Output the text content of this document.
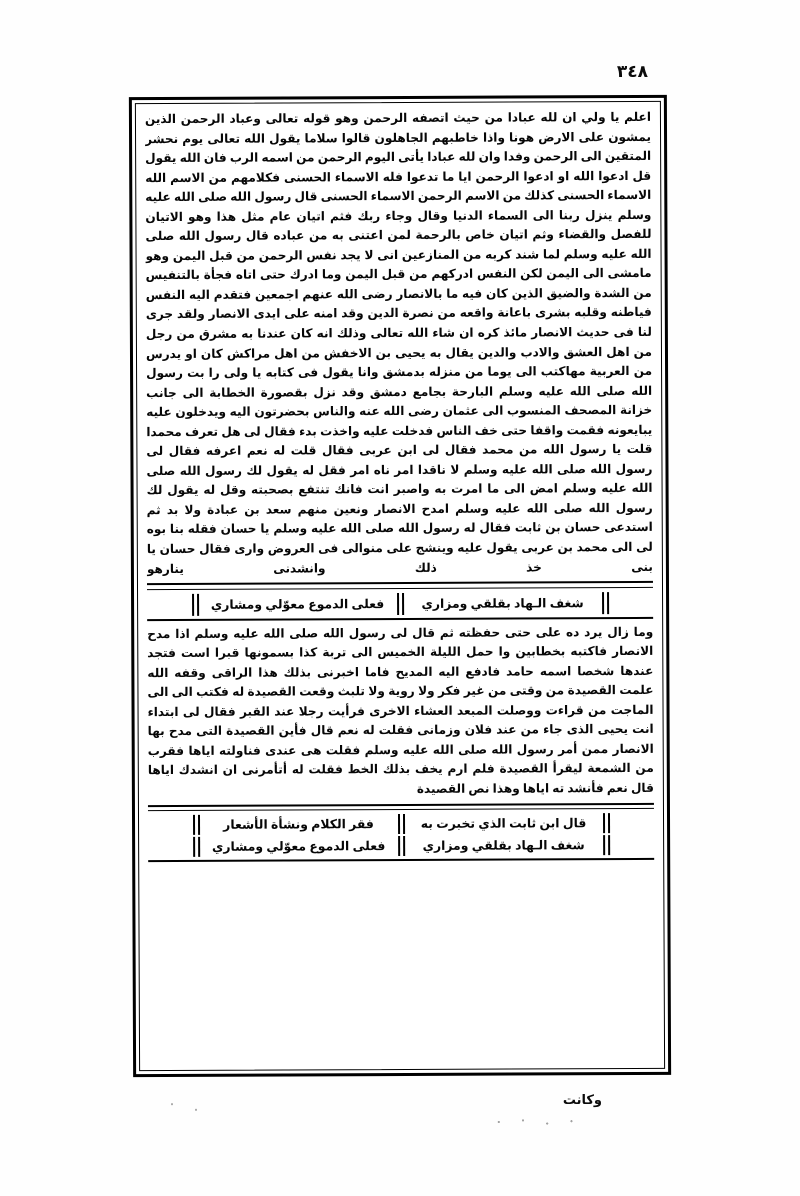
٣٤٨

اعلم يا ولي ان لله عبادا من حيث اتصفه الرحمن وهو قوله تعالى وعباد الرحمن الذين يمشون على الارض هونا واذا خاطبهم الجاهلون قالوا سلاما يقول الله تعالى يوم نحشر المتقين الى الرحمن وفدا وان لله عبادا يأتى اليوم الرحمن من اسمه الرب فان الله يقول قل ادعوا الله او ادعوا الرحمن ايا ما تدعوا فله الاسماء الحسنى فكلامهم من الاسم الله الاسماء الحسنى كذلك من الاسم الرحمن الاسماء الحسنى قال رسول الله صلى الله عليه وسلم ينزل ربنا الى السماء الدنيا وقال وجاء ربك فثم اتيان عام مثل هذا وهو الاتيان للفصل والقضاء وثم اتيان خاص بالرحمة لمن اعتنى به من عباده قال رسول الله صلى الله عليه وسلم لما شند كربه من المنازعين انى لا يجد نفس الرحمن من قبل اليمن وهو مامشى الى اليمن لكن النفس ادركهم من قبل اليمن وما ادرك حتى اتاه فجأة بالتنفيس من الشدة والضيق الذين كان فيه ما بالانصار رضى الله عنهم اجمعين فتقدم اليه النفس فياطنه وقلبه بشرى باعانة واقعه من نصرة الدين وقد امنه على ايدى الانصار ولقد جرى لنا فى حديث الانصار مائذ كره ان شاء الله تعالى وذلك انه كان عندنا به مشرق من رجل من اهل العشق والادب والدين يقال به يحيى بن الاخفش من اهل مراكش كان او يدرس من العربية مهاكتب الى يوما من منزله بدمشق وانا يقول فى كتابه يا ولى را بت رسول الله صلى الله عليه وسلم البارحة بجامع دمشق وقد نزل بقصورة الخطابة الى جانب خزانة المصحف المنسوب الى عثمان رضى الله عنه والناس بحضرتون اليه ويدخلون عليه يبايعونه فقمت واقفا حتى خف الناس فدخلت عليه واخذت بدء فقال لى هل تعرف محمدا قلت يا رسول الله من محمد فقال لى ابن عربى فقال قلت له نعم اعرفه فقال لى رسول الله صلى الله عليه وسلم لا ناقدا امر ناه امر فقل له يقول لك رسول الله صلى الله عليه وسلم امض الى ما امرت به واصبر انت فانك تنتفع بصحبته وقل له يقول لك رسول الله صلى الله عليه وسلم امدح الانصار ونعين منهم سعد بن عبادة ولا بد ثم استدعى حسان بن ثابت فقال له رسول الله صلى الله عليه وسلم يا حسان فقله بنا بوه لى الى محمد بن عربى يقول عليه وينشج على منوالى فى العروض وارى فقال حسان يا بنى خذ ذلك وانشدنى ينارهو

شغف الـهاد بقلقي ومزاري
فعلى الدموع معوّلي ومشاري

وما زال يرد ده على حتى حفظته ثم قال لى رسول الله صلى الله عليه وسلم اذا مدح الانصار فاكتبه بخطابين وا حمل الليلة الخميس الى تربة كذا بسمونها قبرا است فتجد عندها شخصا اسمه حامد فادفع اليه المديح فاما اخبرنى بذلك هذا الراقى وقفه الله علمت القصيدة من وقتى من غير فكر ولا روية ولا تلبث وقعت القصيدة له فكتب الى الى الماجت من قراءت ووصلت المبعد العشاء الاخرى فرأيت رجلا عند القبر فقال لى ابتداء انت يحيى الذى جاء من عند فلان وزمانى فقلت له نعم قال فأين القصيدة التى مدح بها الانصار ممن أمر رسول الله صلى الله عليه وسلم فقلت هى عندى فناولته اياها فقرب من الشمعة ليقرأ القصيدة فلم ارم يخف بذلك الخط فقلت له أتأمرنى ان انشدك اياها قال نعم فأنشد ته اياها وهذا نص القصيدة

قال ابن ثابت الذي تخبرت به
فقر الكلام ونشأة الأشعار
شغف الـهاد بقلقي ومزاري
فعلى الدموع معوّلي ومشاري
وكانت
